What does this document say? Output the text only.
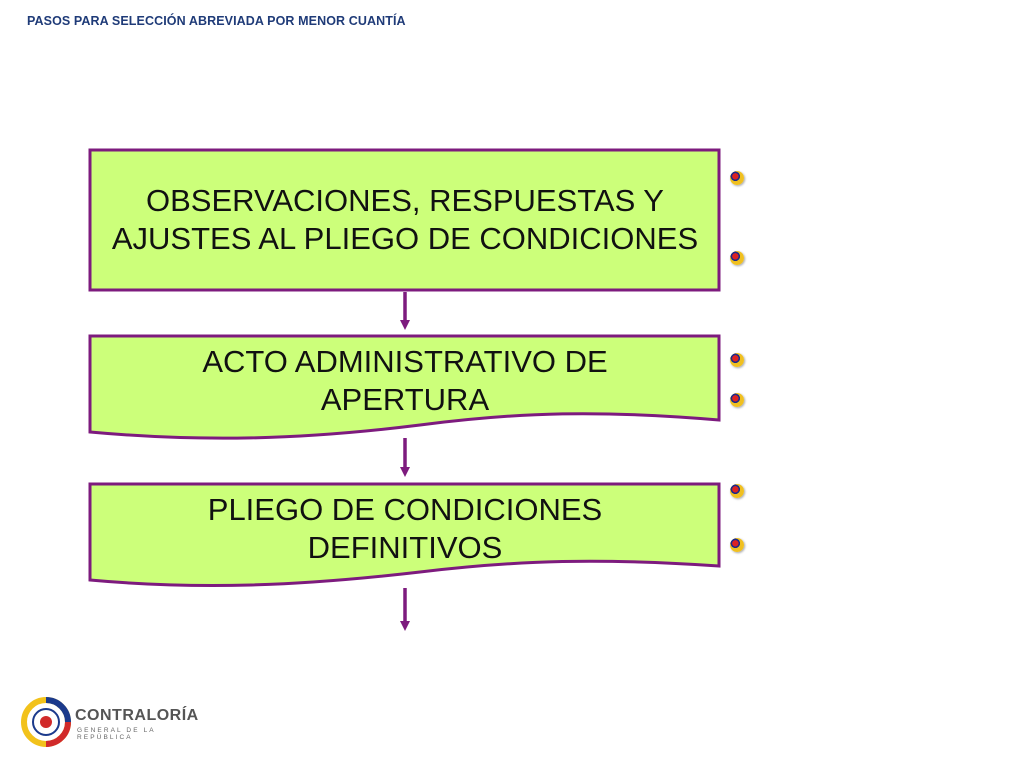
PASOS PARA SELECCIÓN ABREVIADA POR MENOR CUANTÍA
OBSERVACIONES, RESPUESTAS Y AJUSTES AL PLIEGO DE CONDICIONES
ACTO ADMINISTRATIVO DE APERTURA
PLIEGO DE CONDICIONES DEFINITIVOS
CONTRALORÍA
GENERAL DE LA REPÚBLICA
